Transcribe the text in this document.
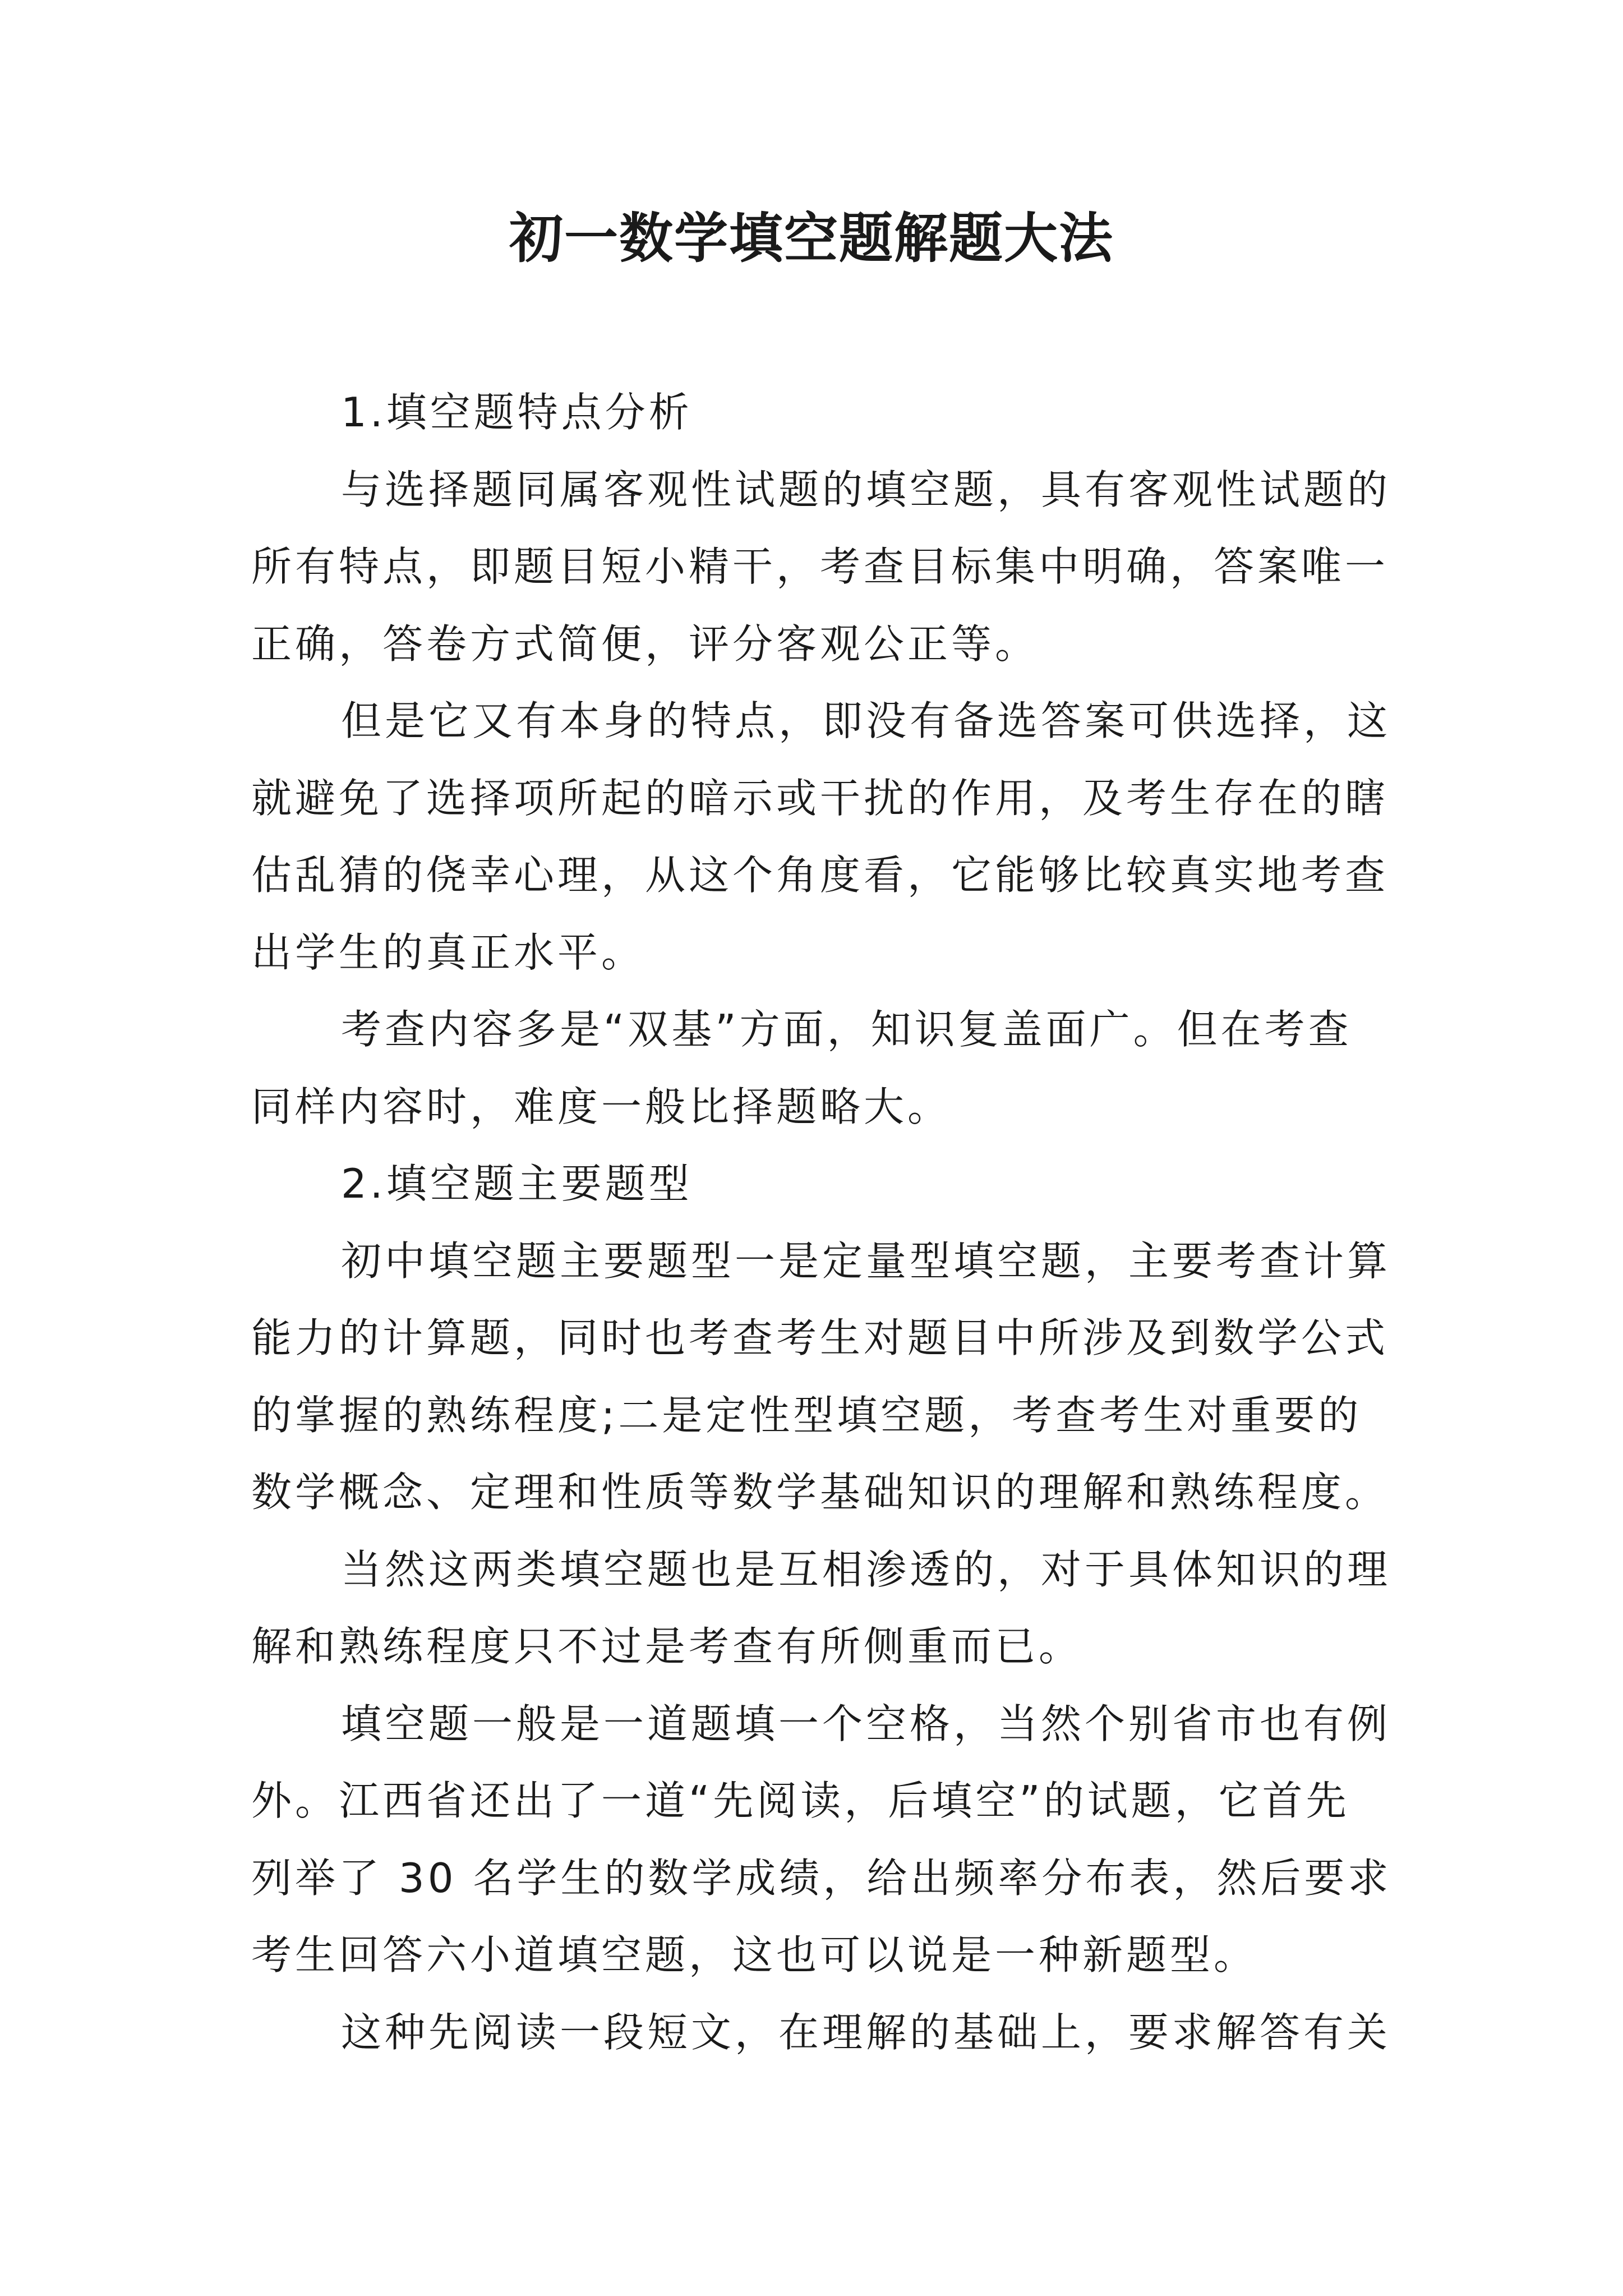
初一数学填空题解题大法
1.填空题特点分析
与选择题同属客观性试题的填空题，具有客观性试题的
所有特点，即题目短小精干，考查目标集中明确，答案唯一
正确，答卷方式简便，评分客观公正等。
但是它又有本身的特点，即没有备选答案可供选择，这
就避免了选择项所起的暗示或干扰的作用，及考生存在的瞎
估乱猜的侥幸心理，从这个角度看，它能够比较真实地考查
出学生的真正水平。
考查内容多是“双基”方面，知识复盖面广。但在考查
同样内容时，难度一般比择题略大。
2.填空题主要题型
初中填空题主要题型一是定量型填空题，主要考查计算
能力的计算题，同时也考查考生对题目中所涉及到数学公式
的掌握的熟练程度;二是定性型填空题，考查考生对重要的
数学概念、定理和性质等数学基础知识的理解和熟练程度。
当然这两类填空题也是互相渗透的，对于具体知识的理
解和熟练程度只不过是考查有所侧重而已。
填空题一般是一道题填一个空格，当然个别省市也有例
外。江西省还出了一道“先阅读，后填空”的试题，它首先
列举了 30 名学生的数学成绩，给出频率分布表，然后要求
考生回答六小道填空题，这也可以说是一种新题型。
这种先阅读一段短文，在理解的基础上，要求解答有关
